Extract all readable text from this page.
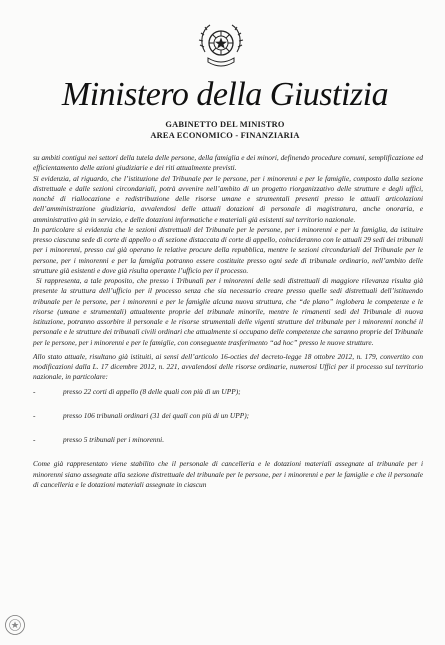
Ministero della Giustizia
GABINETTO DEL MINISTRO
AREA ECONOMICO - FINANZIARIA

su ambiti contigui nei settori della tutela delle persone, della famiglia e dei minori, definendo procedure comuni, semplificazione ed efficientamento delle azioni giudiziarie e dei riti attualmente previsti.

Si evidenzia, al riguardo, che l’istituzione del Tribunale per le persone, per i minorenni e per le famiglie, composto dalla sezione distrettuale e dalle sezioni circondariali, potrà avvenire nell’ambito di un progetto riorganizzativo delle strutture e degli uffici, nonché di riallocazione e redistribuzione delle risorse umane e strumentali presenti presso le attuali articolazioni dell’amministrazione giudiziaria, avvalendosi delle attuali dotazioni di personale di magistratura, anche onoraria, e amministrativo già in servizio, e delle dotazioni informatiche e materiali già esistenti sul territorio nazionale.

In particolare si evidenzia che le sezioni distrettuali del Tribunale per le persone, per i minorenni e per la famiglia, da istituire presso ciascuna sede di corte di appello o di sezione distaccata di corte di appello, coincideranno con le attuali 29 sedi dei tribunali per i minorenni, presso cui già operano le relative procure della repubblica, mentre le sezioni circondariali del Tribunale per le persone, per i minorenni e per la famiglia potranno essere costituite presso ogni sede di tribunale ordinario, nell’ambito delle strutture già esistenti e dove già risulta operante l’ufficio per il processo.

Si rappresenta, a tale proposito, che presso i Tribunali per i minorenni delle sedi distrettuali di maggiore rilevanza risulta già presente la struttura dell’ufficio per il processo senza che sia necessario creare presso quelle sedi distrettuali dell’istituendo tribunale per le persone, per i minorenni e per le famiglie alcuna nuova struttura, che “de plano” inglobera le competenze e le risorse (umane e strumentali) attualmente proprie del tribunale minorile, mentre le rimanenti sedi del Tribunale di nuova istituzione, potranno assorbire il personale e le risorse strumentali delle vigenti strutture del tribunale per i minorenni nonché il personale e le strutture dei tribunali civili ordinari che attualmente si occupano delle competenze che saranno proprie del Tribunale per le persone, per i minorenni e per le famiglie, con conseguente trasferimento “ad hoc” presso le nuove strutture.

Allo stato attuale, risultano già istituiti, ai sensi dell’articolo 16-octies del decreto-legge 18 ottobre 2012, n. 179, convertito con modificazioni dalla L. 17 dicembre 2012, n. 221, avvalendosi delle risorse ordinarie, numerosi Uffici per il processo sul territorio nazionale, in particolare:

-	presso 22 corti di appello (8 delle quali con più di un UPP);
-	presso 106 tribunali ordinari (31 dei quali con più di un UPP);
-	presso 5 tribunali per i minorenni.

Come già rappresentato viene stabilito che il personale di cancelleria e le dotazioni materiali assegnate al tribunale per i minorenni siano assegnate alla sezione distrettuale del tribunale per le persone, per i minorenni e per le famiglie e che il personale di cancelleria e le dotazioni materiali assegnate in ciascun
